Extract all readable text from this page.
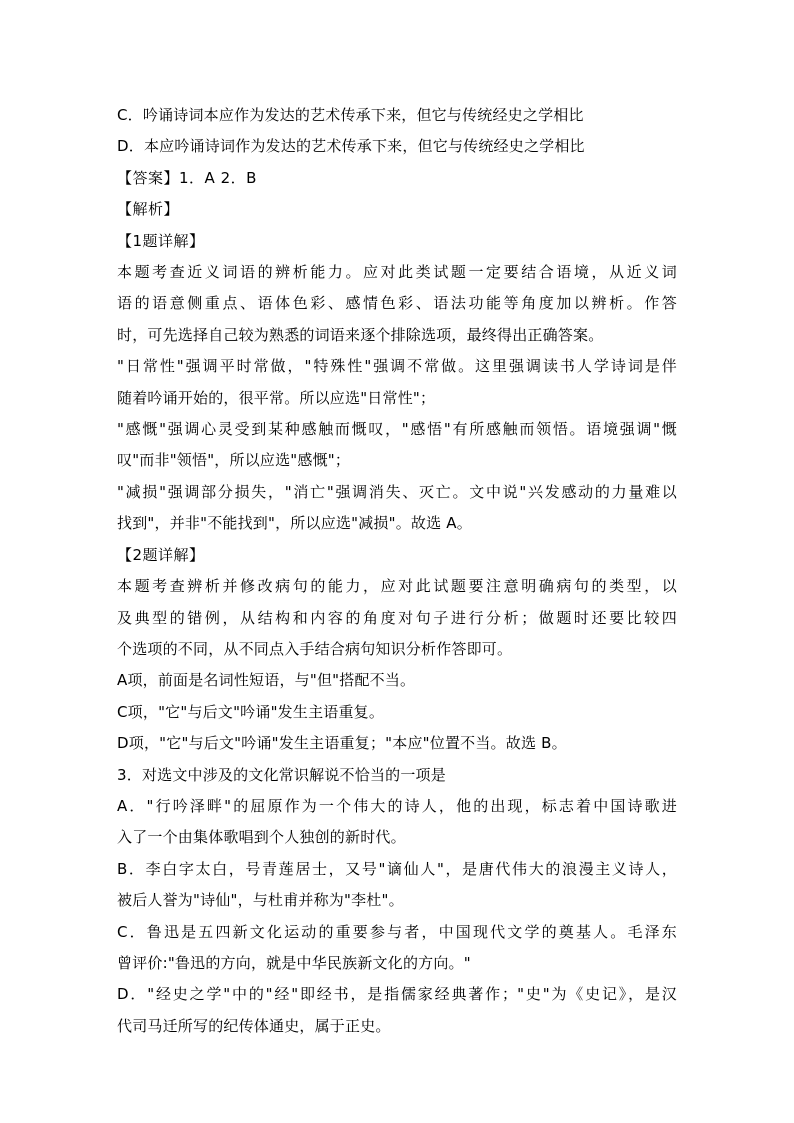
C．吟诵诗词本应作为发达的艺术传承下来，但它与传统经史之学相比
D．本应吟诵诗词作为发达的艺术传承下来，但它与传统经史之学相比
【答案】1．A 2．B
【解析】
【1题详解】
本题考查近义词语的辨析能力。应对此类试题一定要结合语境，从近义词
语的语意侧重点、语体色彩、感情色彩、语法功能等角度加以辨析。作答
时，可先选择自己较为熟悉的词语来逐个排除选项，最终得出正确答案。
"日常性"强调平时常做，"特殊性"强调不常做。这里强调读书人学诗词是伴
随着吟诵开始的，很平常。所以应选"日常性"；
"感慨"强调心灵受到某种感触而慨叹，"感悟"有所感触而领悟。语境强调"慨
叹"而非"领悟"，所以应选"感慨"；
"减损"强调部分损失，"消亡"强调消失、灭亡。文中说"兴发感动的力量难以
找到"，并非"不能找到"，所以应选"减损"。故选 A。
【2题详解】
本题考查辨析并修改病句的能力，应对此试题要注意明确病句的类型，以
及典型的错例，从结构和内容的角度对句子进行分析；做题时还要比较四
个选项的不同，从不同点入手结合病句知识分析作答即可。
A项，前面是名词性短语，与"但"搭配不当。
C项，"它"与后文"吟诵"发生主语重复。
D项，"它"与后文"吟诵"发生主语重复；"本应"位置不当。故选 B。
3．对选文中涉及的文化常识解说不恰当的一项是
A．"行吟泽畔"的屈原作为一个伟大的诗人，他的出现，标志着中国诗歌进
入了一个由集体歌唱到个人独创的新时代。
B．李白字太白，号青莲居士，又号"谪仙人"，是唐代伟大的浪漫主义诗人，
被后人誉为"诗仙"，与杜甫并称为"李杜"。
C．鲁迅是五四新文化运动的重要参与者，中国现代文学的奠基人。毛泽东
曾评价:"鲁迅的方向，就是中华民族新文化的方向。"
D．"经史之学"中的"经"即经书，是指儒家经典著作；"史"为《史记》，是汉
代司马迁所写的纪传体通史，属于正史。
